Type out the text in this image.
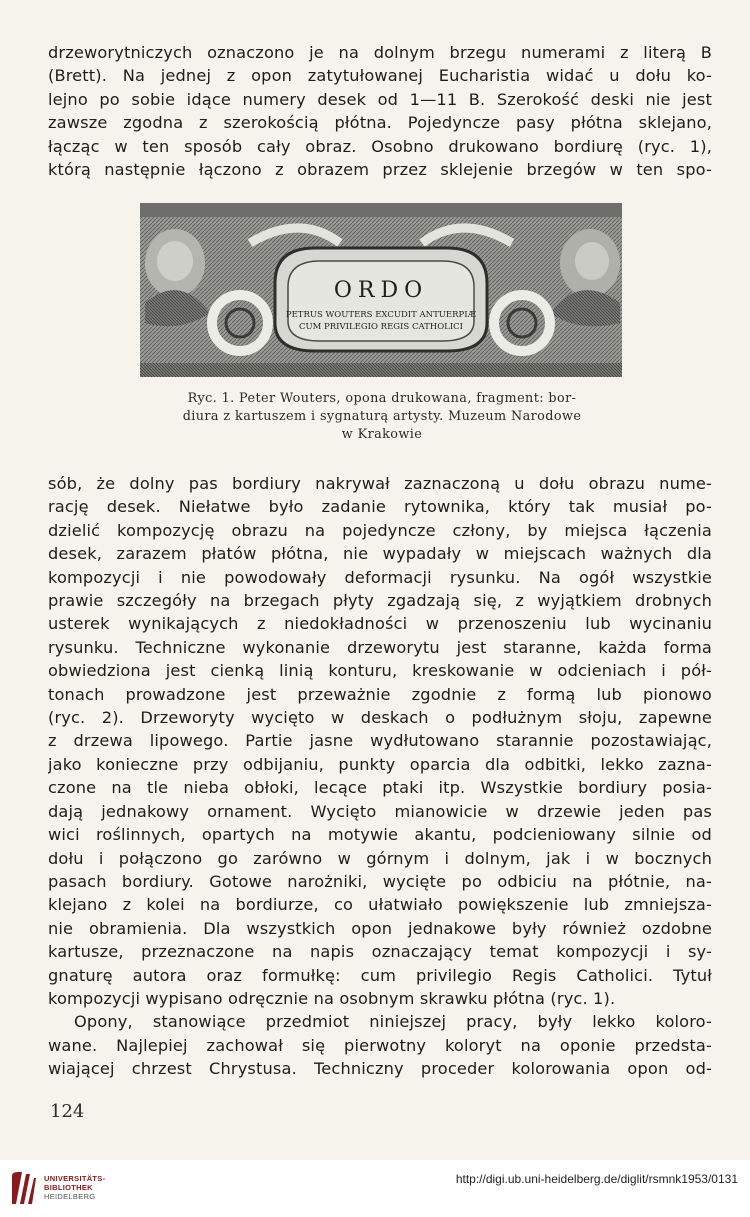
drzeworytniczych oznaczono je na dolnym brzegu numerami z literą B
(Brett). Na jednej z opon zatytułowanej Eucharistia widać u dołu ko-
lejno po sobie idące numery desek od 1—11 B. Szerokość deski nie jest
zawsze zgodna z szerokością płótna. Pojedyncze pasy płótna sklejano,
łącząc w ten sposób cały obraz. Osobno drukowano bordiurę (ryc. 1),
którą następnie łączono z obrazem przez sklejenie brzegów w ten spo-
ORDO
PETRUS WOUTERS EXCUDIT ANTUERPIÆ
CUM PRIVILEGIO REGIS CATHOLICI
Ryc. 1. Peter Wouters, opona drukowana, fragment: bor-
diura z kartuszem i sygnaturą artysty. Muzeum Narodowe
w Krakowie
sób, że dolny pas bordiury nakrywał zaznaczoną u dołu obrazu nume-
rację desek. Niełatwe było zadanie rytownika, który tak musiał po-
dzielić kompozycję obrazu na pojedyncze człony, by miejsca łączenia
desek, zarazem płatów płótna, nie wypadały w miejscach ważnych dla
kompozycji i nie powodowały deformacji rysunku. Na ogół wszystkie
prawie szczegóły na brzegach płyty zgadzają się, z wyjątkiem drobnych
usterek wynikających z niedokładności w przenoszeniu lub wycinaniu
rysunku. Techniczne wykonanie drzeworytu jest staranne, każda forma
obwiedziona jest cienką linią konturu, kreskowanie w odcieniach i pół-
tonach prowadzone jest przeważnie zgodnie z formą lub pionowo
(ryc. 2). Drzeworyty wycięto w deskach o podłużnym słoju, zapewne
z drzewa lipowego. Partie jasne wydłutowano starannie pozostawiając,
jako konieczne przy odbijaniu, punkty oparcia dla odbitki, lekko zazna-
czone na tle nieba obłoki, lecące ptaki itp. Wszystkie bordiury posia-
dają jednakowy ornament. Wycięto mianowicie w drzewie jeden pas
wici roślinnych, opartych na motywie akantu, podcieniowany silnie od
dołu i połączono go zarówno w górnym i dolnym, jak i w bocznych
pasach bordiury. Gotowe narożniki, wycięte po odbiciu na płótnie, na-
klejano z kolei na bordiurze, co ułatwiało powiększenie lub zmniejsza-
nie obramienia. Dla wszystkich opon jednakowe były również ozdobne
kartusze, przeznaczone na napis oznaczający temat kompozycji i sy-
gnaturę autora oraz formułkę: cum privilegio Regis Catholici. Tytuł
kompozycji wypisano odręcznie na osobnym skrawku płótna (ryc. 1).
Opony, stanowiące przedmiot niniejszej pracy, były lekko koloro-
wane. Najlepiej zachował się pierwotny koloryt na oponie przedsta-
wiającej chrzest Chrystusa. Techniczny proceder kolorowania opon od-
124
UNIVERSITÄTS-
BIBLIOTHEK
HEIDELBERG
http://digi.ub.uni-heidelberg.de/diglit/rsmnk1953/0131
